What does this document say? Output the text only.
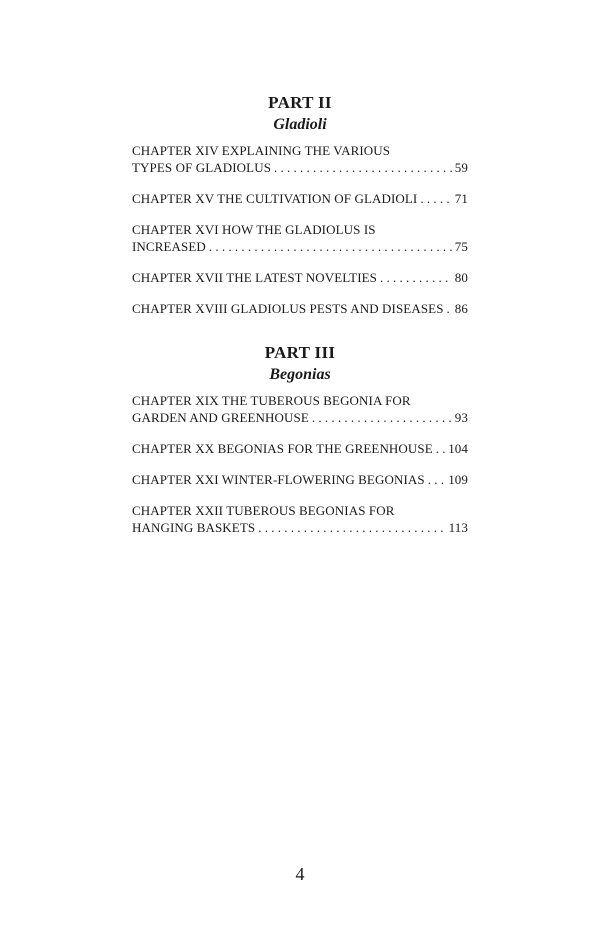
PART II
Gladioli
CHAPTER XIV EXPLAINING THE VARIOUS
TYPES OF GLADIOLUS . . .	59
CHAPTER XV THE CULTIVATION OF GLADIOLI . . .	71
CHAPTER XVI HOW THE GLADIOLUS IS
INCREASED . . .	75
CHAPTER XVII THE LATEST NOVELTIES . . .	80
CHAPTER XVIII GLADIOLUS PESTS AND DISEASES . . . 86
PART III
Begonias
CHAPTER XIX THE TUBEROUS BEGONIA FOR
GARDEN AND GREENHOUSE . . .	93
CHAPTER XX BEGONIAS FOR THE GREENHOUSE . . . 104
CHAPTER XXI WINTER-FLOWERING BEGONIAS . . . 109
CHAPTER XXII TUBEROUS BEGONIAS FOR
HANGING BASKETS . . .	113
4
